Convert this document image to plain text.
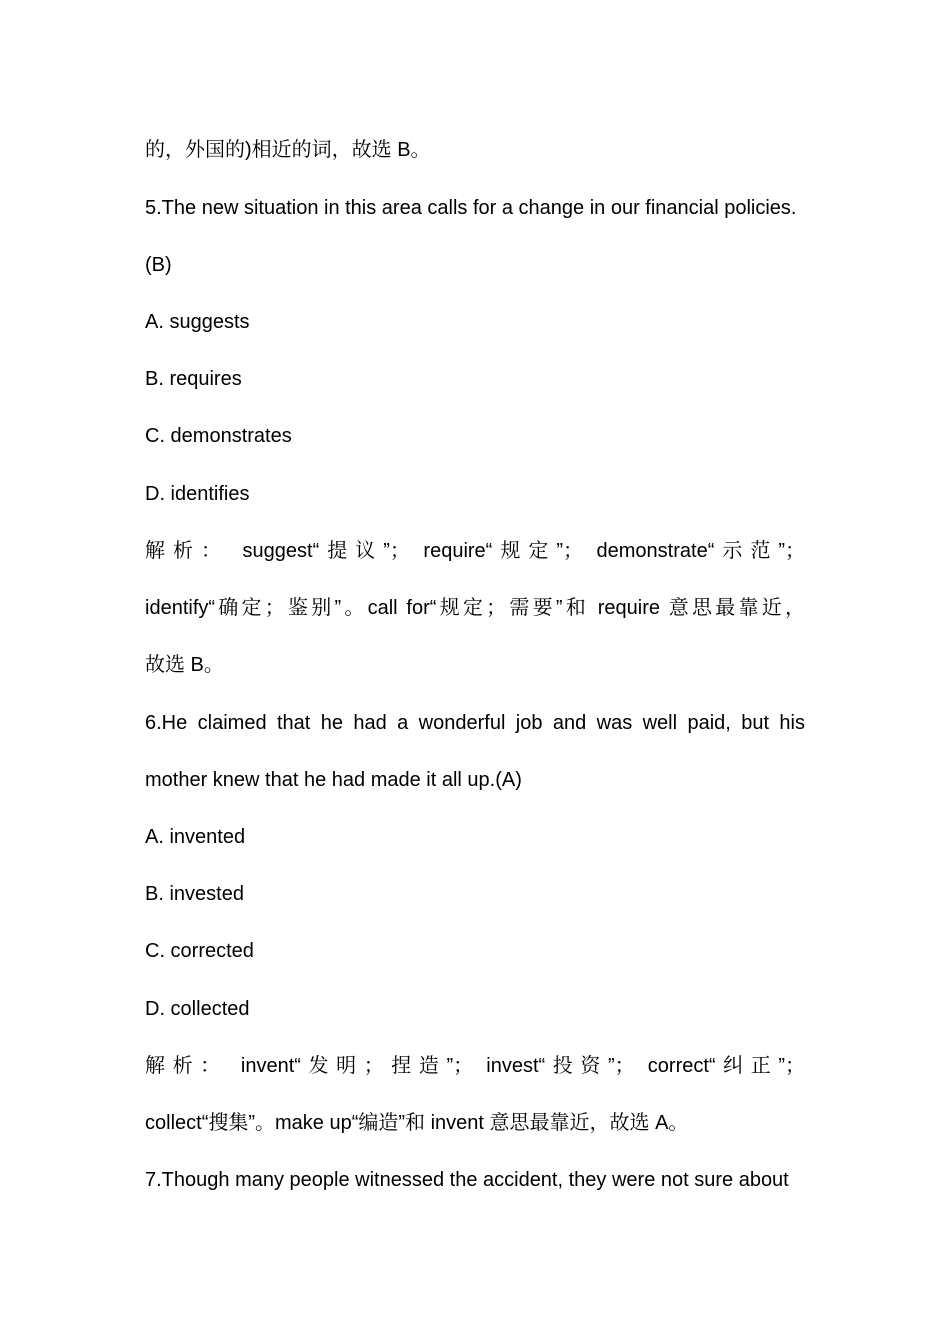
的，外国的)相近的词，故选 B。
5.The new situation in this area calls for a change in our financial policies.
(B)
A. suggests
B. requires
C. demonstrates
D. identifies
解析： suggest“提议”； require“规定”； demonstrate“示范”；
identify“确定；鉴别”。call for“规定；需要”和 require 意思最靠近，
故选 B。
6.He claimed that he had a wonderful job and was well paid, but his
mother knew that he had made it all up.(A)
A. invented
B. invested
C. corrected
D. collected
解析： invent“发明；捏造”； invest“投资”； correct“纠正”；
collect“搜集”。make up“编造”和 invent 意思最靠近，故选 A。
7.Though many people witnessed the accident, they were not sure about
